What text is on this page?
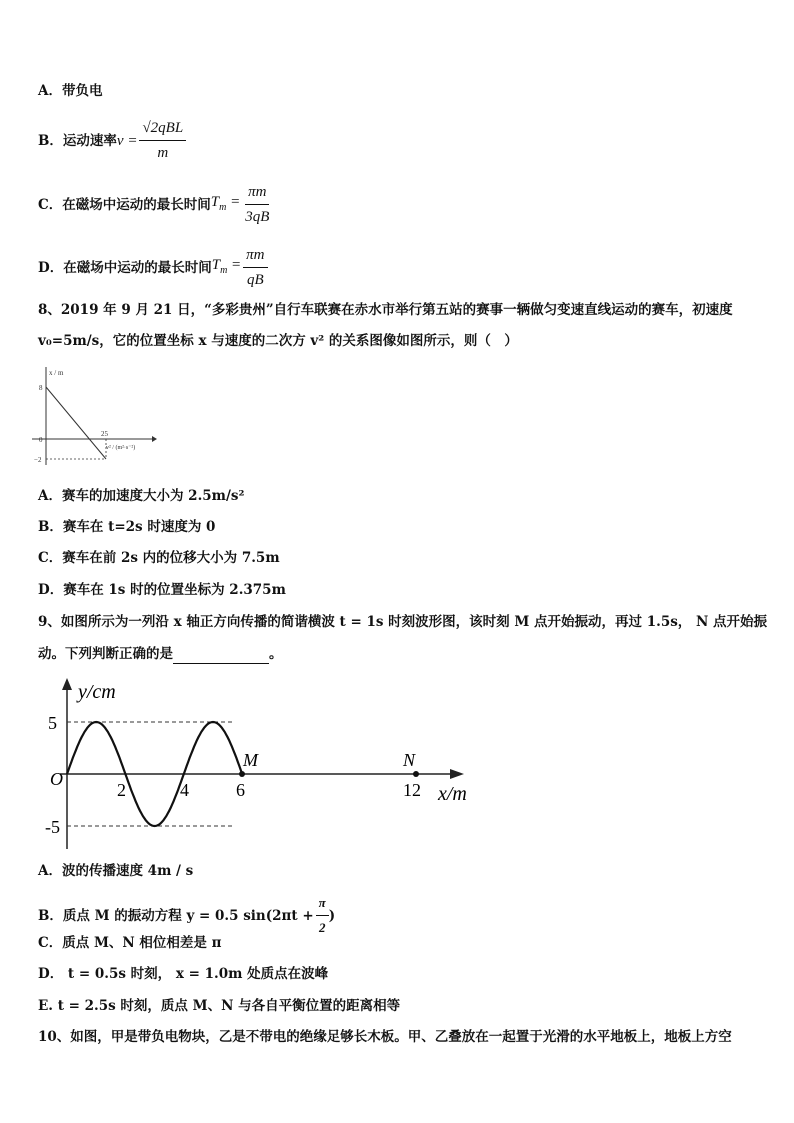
A．带负电
B．运动速率 $v = \frac{\text{√2qBL}}{m}$
C．在磁场中运动的最长时间 $T_m = \frac{\pi m}{3qB}$
D．在磁场中运动的最长时间 $T_m = \frac{\pi m}{qB}$
8、2019 年 9 月 21 日，“多彩贵州”自行车联赛在赤水市举行第五站的赛事一辆做匀变速直线运动的赛车，初速度
v₀=5m/s，它的位置坐标 x 与速度的二次方 v² 的关系图像如图所示，则（　）
x / m
8
0
−2
25
v² / (m²·s⁻²)
A．赛车的加速度大小为 2.5m/s²
B．赛车在 t=2s 时速度为 0
C．赛车在前 2s 内的位移大小为 7.5m
D．赛车在 1s 时的位置坐标为 2.375m
9、如图所示为一列沿 x 轴正方向传播的简谐横波 t = 1s 时刻波形图，该时刻 M 点开始振动，再过 1.5s， N 点开始振
动。下列判断正确的是	。
y/cm
x/m
O
5
-5
2	4	6	12
M	N
A．波的传播速度 4m / s
B．质点 M 的振动方程 y = 0.5 $\sin(2\pi t + \frac{\pi}{2}$ )
C．质点 M、N 相位相差是 π
D． t = 0.5s 时刻， x = 1.0m 处质点在波峰
E. t = 2.5s 时刻，质点 M、N 与各自平衡位置的距离相等
10、如图，甲是带负电物块，乙是不带电的绝缘足够长木板。甲、乙叠放在一起置于光滑的水平地板上，地板上方空
